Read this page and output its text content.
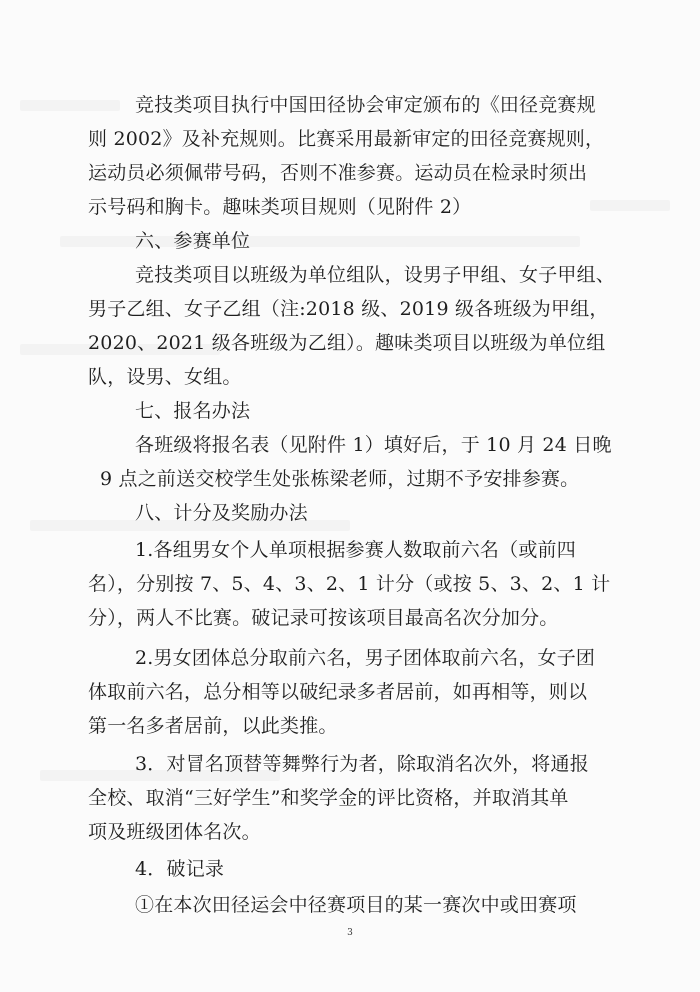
竞技类项目执行中国田径协会审定颁布的《田径竞赛规
则 2002》及补充规则。比赛采用最新审定的田径竞赛规则，
运动员必须佩带号码，否则不准参赛。运动员在检录时须出
示号码和胸卡。趣味类项目规则（见附件 2）
六、参赛单位
竞技类项目以班级为单位组队，设男子甲组、女子甲组、
男子乙组、女子乙组（注:2018 级、2019 级各班级为甲组，
2020、2021 级各班级为乙组）。趣味类项目以班级为单位组
队，设男、女组。
七、报名办法
各班级将报名表（见附件 1）填好后，于 10 月 24 日晚
9 点之前送交校学生处张栋梁老师，过期不予安排参赛。
八、计分及奖励办法
1.各组男女个人单项根据参赛人数取前六名（或前四
名），分别按 7、5、4、3、2、1 计分（或按 5、3、2、1 计
分），两人不比赛。破记录可按该项目最高名次分加分。
2.男女团体总分取前六名，男子团体取前六名，女子团
体取前六名，总分相等以破纪录多者居前，如再相等，则以
第一名多者居前，以此类推。
3．对冒名顶替等舞弊行为者，除取消名次外，将通报
全校、取消“三好学生”和奖学金的评比资格，并取消其单
项及班级团体名次。
4．破记录
①在本次田径运会中径赛项目的某一赛次中或田赛项
3
